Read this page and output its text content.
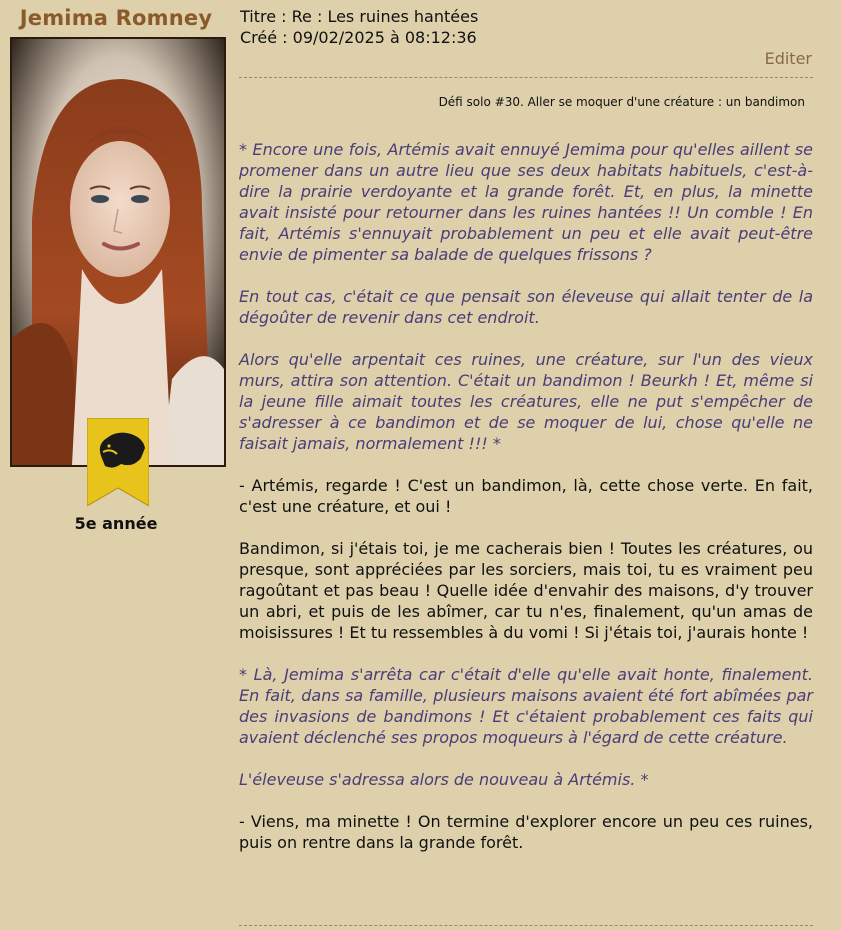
Jemima Romney
5e année
Titre : Re : Les ruines hantées
Créé : 09/02/2025 à 08:12:36
Editer
Défi solo #30. Aller se moquer d'une créature : un bandimon

* Encore une fois, Artémis avait ennuyé Jemima pour qu'elles aillent se promener dans un autre lieu que ses deux habitats habituels, c'est-à-dire la prairie verdoyante et la grande forêt. Et, en plus, la minette avait insisté pour retourner dans les ruines hantées !! Un comble ! En fait, Artémis s'ennuyait probablement un peu et elle avait peut-être envie de pimenter sa balade de quelques frissons ?

En tout cas, c'était ce que pensait son éleveuse qui allait tenter de la dégoûter de revenir dans cet endroit.

Alors qu'elle arpentait ces ruines, une créature, sur l'un des vieux murs, attira son attention. C'était un bandimon ! Beurkh ! Et, même si la jeune fille aimait toutes les créatures, elle ne put s'empêcher de s'adresser à ce bandimon et de se moquer de lui, chose qu'elle ne faisait jamais, normalement !!! *

- Artémis, regarde ! C'est un bandimon, là, cette chose verte. En fait, c'est une créature, et oui !

Bandimon, si j'étais toi, je me cacherais bien ! Toutes les créatures, ou presque, sont appréciées par les sorciers, mais toi, tu es vraiment peu ragoûtant et pas beau ! Quelle idée d'envahir des maisons, d'y trouver un abri, et puis de les abîmer, car tu n'es, finalement, qu'un amas de moisissures ! Et tu ressembles à du vomi ! Si j'étais toi, j'aurais honte !

* Là, Jemima s'arrêta car c'était d'elle qu'elle avait honte, finalement. En fait, dans sa famille, plusieurs maisons avaient été fort abîmées par des invasions de bandimons ! Et c'étaient probablement ces faits qui avaient déclenché ses propos moqueurs à l'égard de cette créature.

L'éleveuse s'adressa alors de nouveau à Artémis. *

- Viens, ma minette ! On termine d'explorer encore un peu ces ruines, puis on rentre dans la grande forêt.
